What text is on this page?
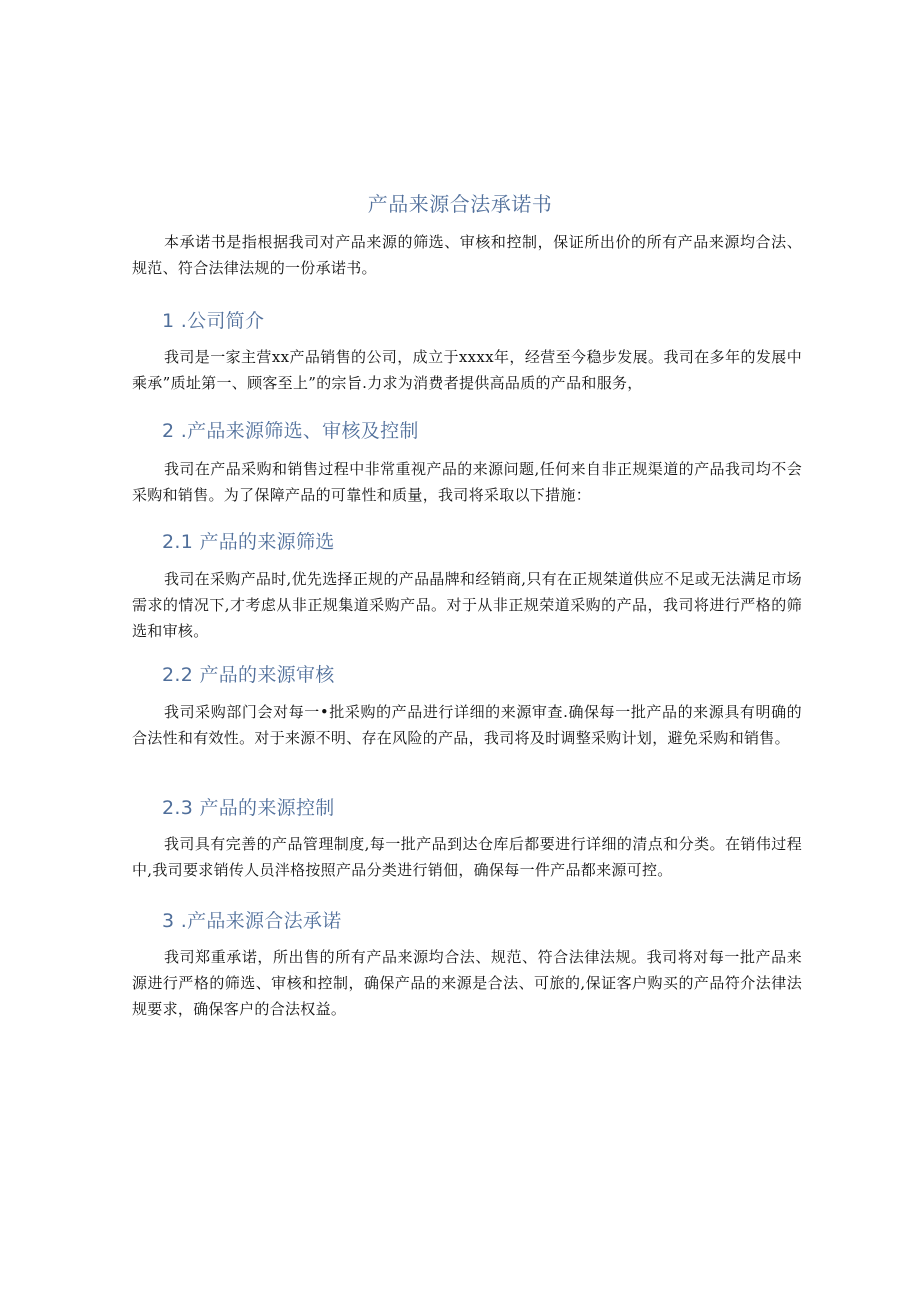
产品来源合法承诺书
本承诺书是指根据我司对产品来源的筛选、审核和控制，保证所出价的所有产品来源均合法、规范、符合法律法规的一份承诺书。
1 .公司简介
我司是一家主营xx产品销售的公司，成立于xxxx年，经营至今稳步发展。我司在多年的发展中乘承”质址第一、顾客至上”的宗旨.力求为消费者提供高品质的产品和服务，
2 .产品来源筛选、审核及控制
我司在产品采购和销售过程中非常重视产品的来源问题,任何来自非正规渠道的产品我司均不会采购和销售。为了保障产品的可靠性和质量，我司将采取以下措施：
2.1 产品的来源筛选
我司在采购产品时,优先选择正规的产品晶牌和经销商,只有在正规桀道供应不足或无法满足市场需求的情况下,才考虑从非正规集道采购产品。对于从非正规荣道采购的产品，我司将进行严格的筛选和审核。
2.2 产品的来源审核
我司采购部门会对每一•批采购的产品进行详细的来源审查.确保每一批产品的来源具有明确的合法性和有效性。对于来源不明、存在风险的产品，我司将及时调整采购计划，避免采购和销售。
2.3 产品的来源控制
我司具有完善的产品管理制度,每一批产品到达仓库后都要进行详细的清点和分类。在销伟过程中,我司要求销传人员泮格按照产品分类进行销佃，确保每一件产品都来源可控。
3 .产品来源合法承诺
我司郑重承诺，所出售的所有产品来源均合法、规范、符合法律法规。我司将对每一批产品来源进行严格的筛选、审核和控制，确保产品的来源是合法、可旅的,保证客户购买的产品符介法律法规要求，确保客户的合法权益。
